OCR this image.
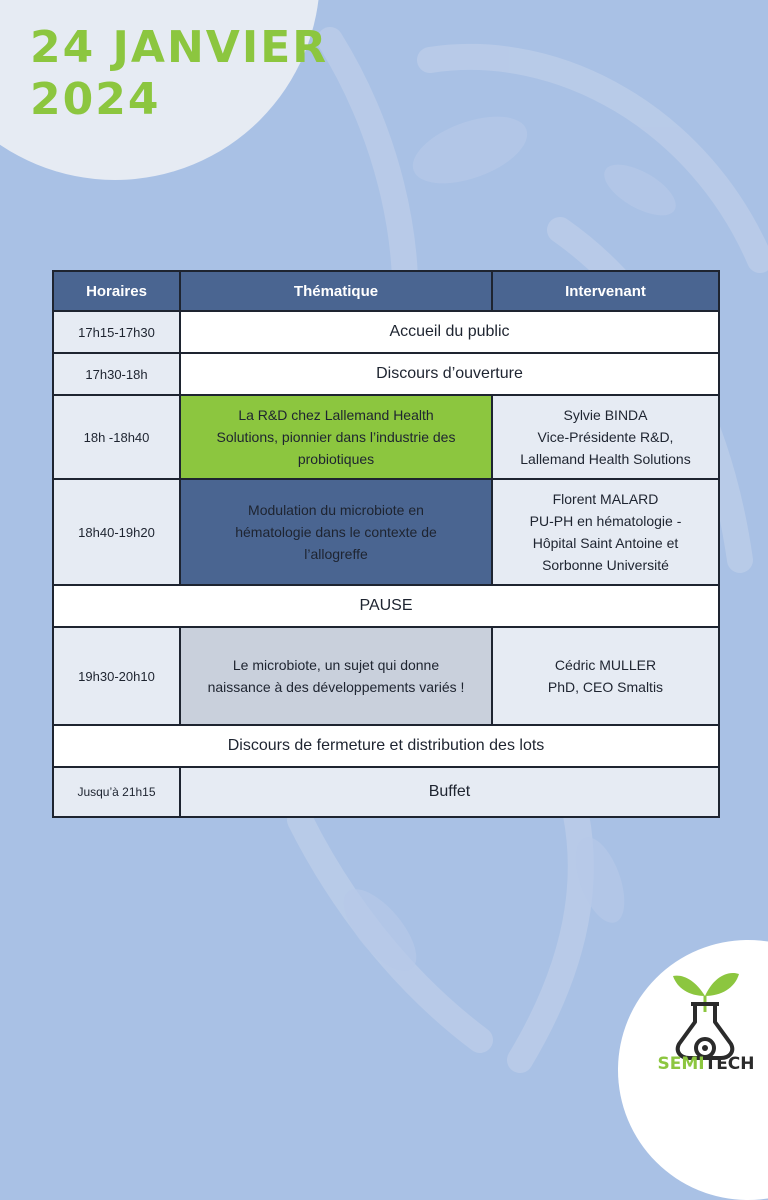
24 JANVIER
2024
Horaires	Thématique	Intervenant
17h15-17h30	Accueil du public	
17h30-18h	Discours d’ouverture	
18h -18h40	La R&D chez Lallemand Health
Solutions, pionnier dans l’industrie des
probiotiques	Sylvie BINDA
Vice-Présidente R&D,
Lallemand Health Solutions

18h40-19h20	Modulation du microbiote en
hématologie dans le contexte de
l’allogreffe	Florent MALARD
PU-PH en hématologie -
Hôpital Saint Antoine et
Sorbonne Université

PAUSE		
19h30-20h10	Le microbiote, un sujet qui donne
naissance à des développements variés !	Cédric MULLER
PhD, CEO Smaltis

Discours de fermeture et distribution des lots		
Jusqu’à 21h15	Buffet	
SEMITECH
